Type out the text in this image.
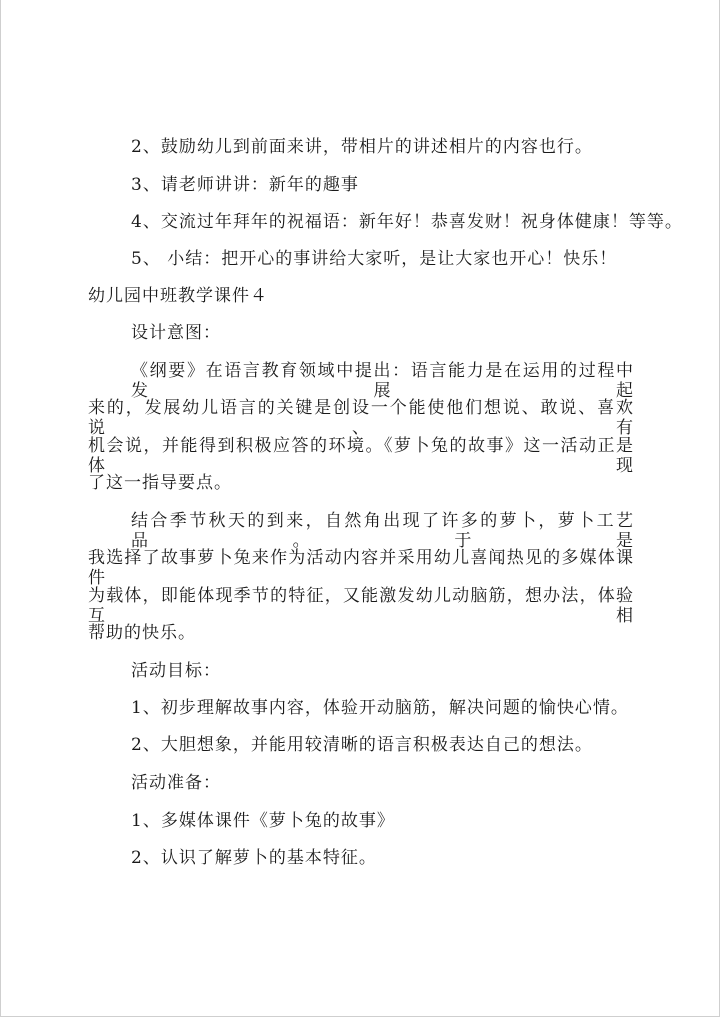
2、鼓励幼儿到前面来讲，带相片的讲述相片的内容也行。
3、请老师讲讲：新年的趣事
4、交流过年拜年的祝福语：新年好！恭喜发财！祝身体健康！等等。
5、 小结：把开心的事讲给大家听，是让大家也开心！快乐！
幼儿园中班教学课件４
设计意图：
《纲要》在语言教育领域中提出：语言能力是在运用的过程中发展起
来的，发展幼儿语言的关键是创设一个能使他们想说、敢说、喜欢说、有
机会说，并能得到积极应答的环境。《萝卜兔的故事》这一活动正是体现
了这一指导要点。
结合季节秋天的到来，自然角出现了许多的萝卜，萝卜工艺品。于是
我选择了故事萝卜兔来作为活动内容并采用幼儿喜闻热见的多媒体课件
为载体，即能体现季节的特征，又能激发幼儿动脑筋，想办法，体验互相
帮助的快乐。
活动目标：
1、初步理解故事内容，体验开动脑筋，解决问题的愉快心情。
2、大胆想象，并能用较清晰的语言积极表达自己的想法。
活动准备：
1、多媒体课件《萝卜兔的故事》
2、认识了解萝卜的基本特征。
